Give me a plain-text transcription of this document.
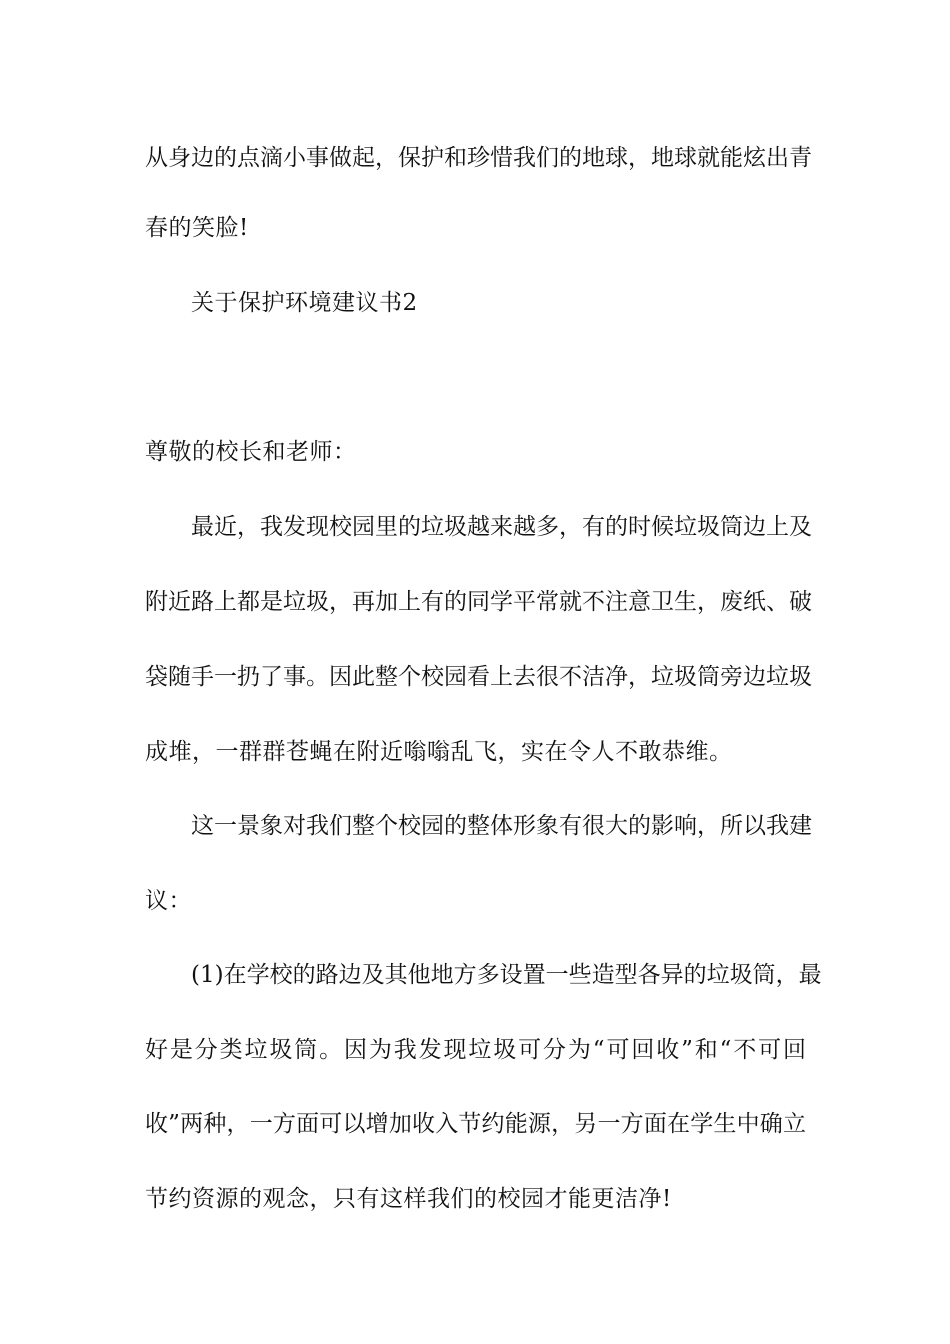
从身边的点滴小事做起，保护和珍惜我们的地球，地球就能炫出青
春的笑脸!
关于保护环境建议书2
尊敬的校长和老师：
最近，我发现校园里的垃圾越来越多，有的时候垃圾筒边上及
附近路上都是垃圾，再加上有的同学平常就不注意卫生，废纸、破
袋随手一扔了事。因此整个校园看上去很不洁净，垃圾筒旁边垃圾
成堆，一群群苍蝇在附近嗡嗡乱飞，实在令人不敢恭维。
这一景象对我们整个校园的整体形象有很大的影响，所以我建
议：
(1)在学校的路边及其他地方多设置一些造型各异的垃圾筒，最
好是分类垃圾筒。因为我发现垃圾可分为“可回收”和“不可回
收”两种，一方面可以增加收入节约能源，另一方面在学生中确立
节约资源的观念，只有这样我们的校园才能更洁净!
